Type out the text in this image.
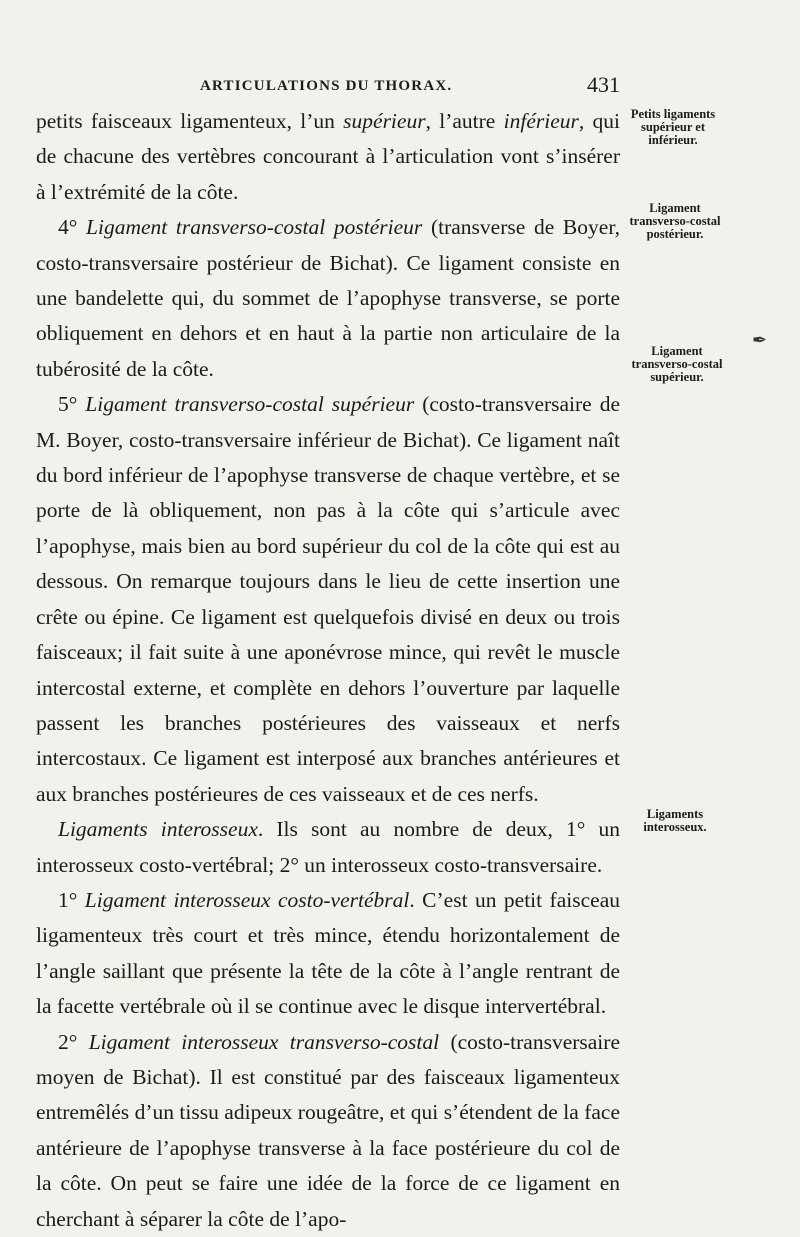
ARTICULATIONS DU THORAX.	431

petits faisceaux ligamenteux, l’un supérieur, l’autre inférieur, qui de chacune des vertèbres concourant à l’articulation vont s’insérer à l’extrémité de la côte.

4° Ligament transverso-costal postérieur (transverse de Boyer, costo-transversaire postérieur de Bichat). Ce ligament consiste en une bandelette qui, du sommet de l’apophyse transverse, se porte obliquement en dehors et en haut à la partie non articulaire de la tubérosité de la côte.

5° Ligament transverso-costal supérieur (costo-transversaire de M. Boyer, costo-transversaire inférieur de Bichat). Ce ligament naît du bord inférieur de l’apophyse transverse de chaque vertèbre, et se porte de là obliquement, non pas à la côte qui s’articule avec l’apophyse, mais bien au bord supérieur du col de la côte qui est au dessous. On remarque toujours dans le lieu de cette insertion une crête ou épine. Ce ligament est quelquefois divisé en deux ou trois faisceaux; il fait suite à une aponévrose mince, qui revêt le muscle intercostal externe, et complète en dehors l’ouverture par laquelle passent les branches postérieures des vaisseaux et nerfs intercostaux. Ce ligament est interposé aux branches antérieures et aux branches postérieures de ces vaisseaux et de ces nerfs.

Ligaments interosseux. Ils sont au nombre de deux, 1° un interosseux costo-vertébral; 2° un interosseux costo-transversaire.

1° Ligament interosseux costo-vertébral. C’est un petit faisceau ligamenteux très court et très mince, étendu horizontalement de l’angle saillant que présente la tête de la côte à l’angle rentrant de la facette vertébrale où il se continue avec le disque intervertébral.

2° Ligament interosseux transverso-costal (costo-transversaire moyen de Bichat). Il est constitué par des faisceaux ligamenteux entremêlés d’un tissu adipeux rougeâtre, et qui s’étendent de la face antérieure de l’apophyse transverse à la face postérieure du col de la côte. On peut se faire une idée de la force de ce ligament en cherchant à séparer la côte de l’apo-

Petits ligaments supérieur et inférieur.
Ligament transverso-costal postérieur.
Ligament transverso-costal supérieur.
Ligaments interosseux.
✒
